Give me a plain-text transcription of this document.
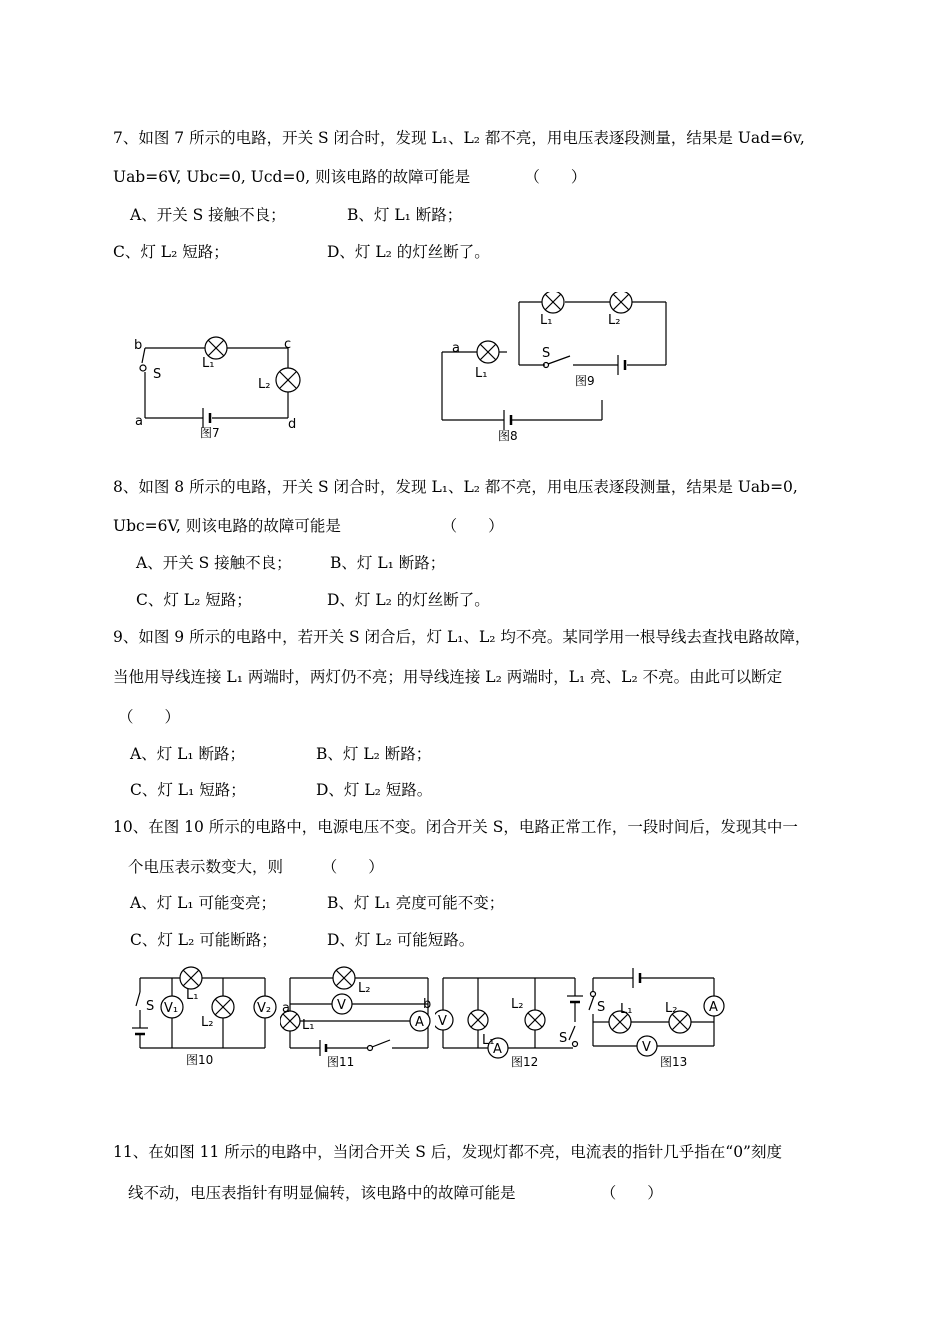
7、如图 7 所示的电路，开关 S 闭合时，发现 L₁、L₂ 都不亮，用电压表逐段测量，结果是 Uad=6v,
Uab=6V, Ubc=0, Ucd=0, 则该电路的故障可能是　　　　（　　）
A、开关 S 接触不良；	B、灯 L₁ 断路；
C、灯 L₂ 短路；	D、灯 L₂ 的灯丝断了。
b	c
S
L₁
L₂
a	d
图7
a
L₁
L₁	L₂
S
图9
图8
8、如图 8 所示的电路，开关 S 闭合时，发现 L₁、L₂ 都不亮，用电压表逐段测量，结果是 Uab=0,
Ubc=6V, 则该电路的故障可能是　　　　　　　（　　）
A、开关 S 接触不良； B、灯 L₁ 断路；
C、灯 L₂ 短路；	D、灯 L₂ 的灯丝断了。
9、如图 9 所示的电路中，若开关 S 闭合后，灯 L₁、L₂ 均不亮。某同学用一根导线去查找电路故障，
当他用导线连接 L₁ 两端时，两灯仍不亮；用导线连接 L₂ 两端时，L₁ 亮、L₂ 不亮。由此可以断定
（　　）
A、灯 L₁ 断路；	B、灯 L₂ 断路；
C、灯 L₁ 短路；	D、灯 L₂ 短路。
10、在图 10 所示的电路中，电源电压不变。闭合开关 S，电路正常工作，一段时间后，发现其中一
个电压表示数变大，则　　　（　　）
A、灯 L₁ 可能变亮；	B、灯 L₁ 亮度可能不变；
C、灯 L₂ 可能断路；	D、灯 L₂ 可能短路。
S V₁	V₂
L₁
L₂
图10
a	b
L₁
L₂
V
A
图11
V
L₁
L₂
A
S
图12
S L₁	L₂ A
V
图13
11、在如图 11 所示的电路中，当闭合开关 S 后，发现灯都不亮，电流表的指针几乎指在“0”刻度
线不动，电压表指针有明显偏转，该电路中的故障可能是　　　　　　（　　）
